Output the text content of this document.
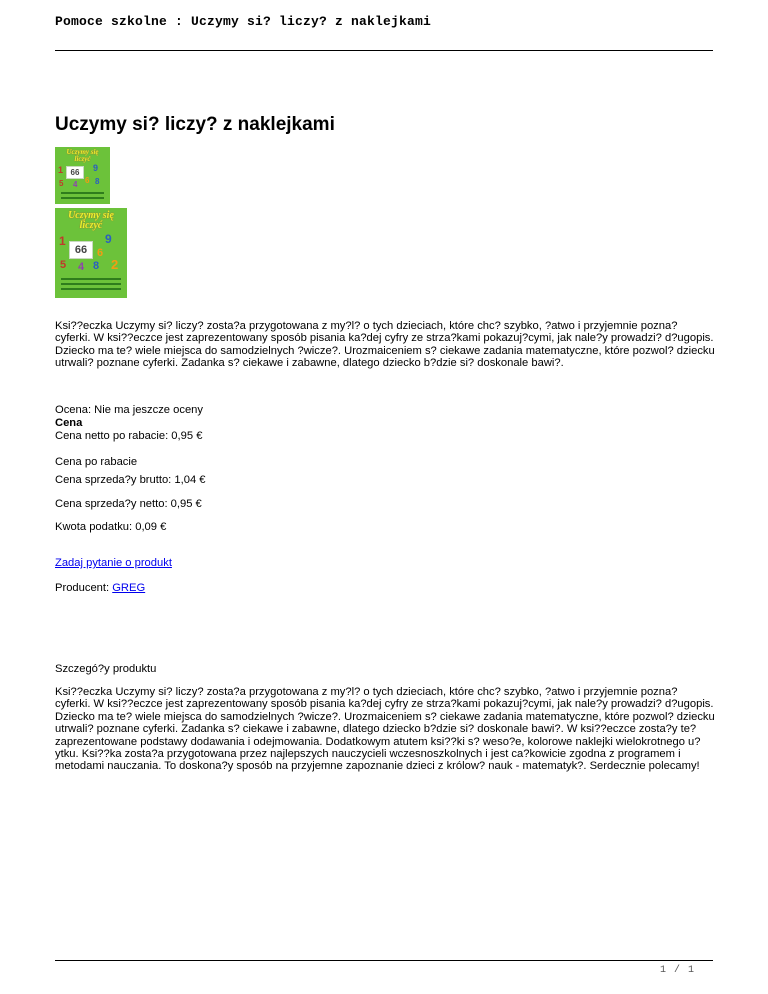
Pomoce szkolne : Uczymy si? liczy? z naklejkami
Uczymy si? liczy? z naklejkami
Uczymy się
liczyć
1	9
66
6
5 4 8
Uczymy się
liczyć
1	9
66 6
5 4 8 2

Ksi??eczka Uczymy si? liczy? zosta?a przygotowana z my?l? o tych dzieciach, które chc? szybko, ?atwo i przyjemnie pozna? cyferki. W ksi??eczce jest zaprezentowany sposób pisania ka?dej cyfry ze strza?kami pokazuj?cymi, jak nale?y prowadzi? d?ugopis. Dziecko ma te? wiele miejsca do samodzielnych ?wicze?. Urozmaiceniem s? ciekawe zadania matematyczne, które pozwol? dziecku utrwali? poznane cyferki. Zadanka s? ciekawe i zabawne, dlatego dziecko b?dzie si? doskonale bawi?.

Ocena: Nie ma jeszcze oceny

Cena

Cena netto po rabacie: 0,95 €

Cena po rabacie

Cena sprzeda?y brutto: 1,04 €

Cena sprzeda?y netto: 0,95 €

Kwota podatku: 0,09 €

Zadaj pytanie o produkt

Producent: GREG

Szczegó?y produktu

Ksi??eczka Uczymy si? liczy? zosta?a przygotowana z my?l? o tych dzieciach, które chc? szybko, ?atwo i przyjemnie pozna? cyferki. W ksi??eczce jest zaprezentowany sposób pisania ka?dej cyfry ze strza?kami pokazuj?cymi, jak nale?y prowadzi? d?ugopis. Dziecko ma te? wiele miejsca do samodzielnych ?wicze?. Urozmaiceniem s? ciekawe zadania matematyczne, które pozwol? dziecku utrwali? poznane cyferki. Zadanka s? ciekawe i zabawne, dlatego dziecko b?dzie si? doskonale bawi?. W ksi??eczce zosta?y te? zaprezentowane podstawy dodawania i odejmowania. Dodatkowym atutem ksi??ki s? weso?e, kolorowe naklejki wielokrotnego u?ytku. Ksi??ka zosta?a przygotowana przez najlepszych nauczycieli wczesnoszkolnych i jest ca?kowicie zgodna z programem i metodami nauczania. To doskona?y sposób na przyjemne zapoznanie dzieci z królow? nauk - matematyk?. Serdecznie polecamy!

1 / 1
